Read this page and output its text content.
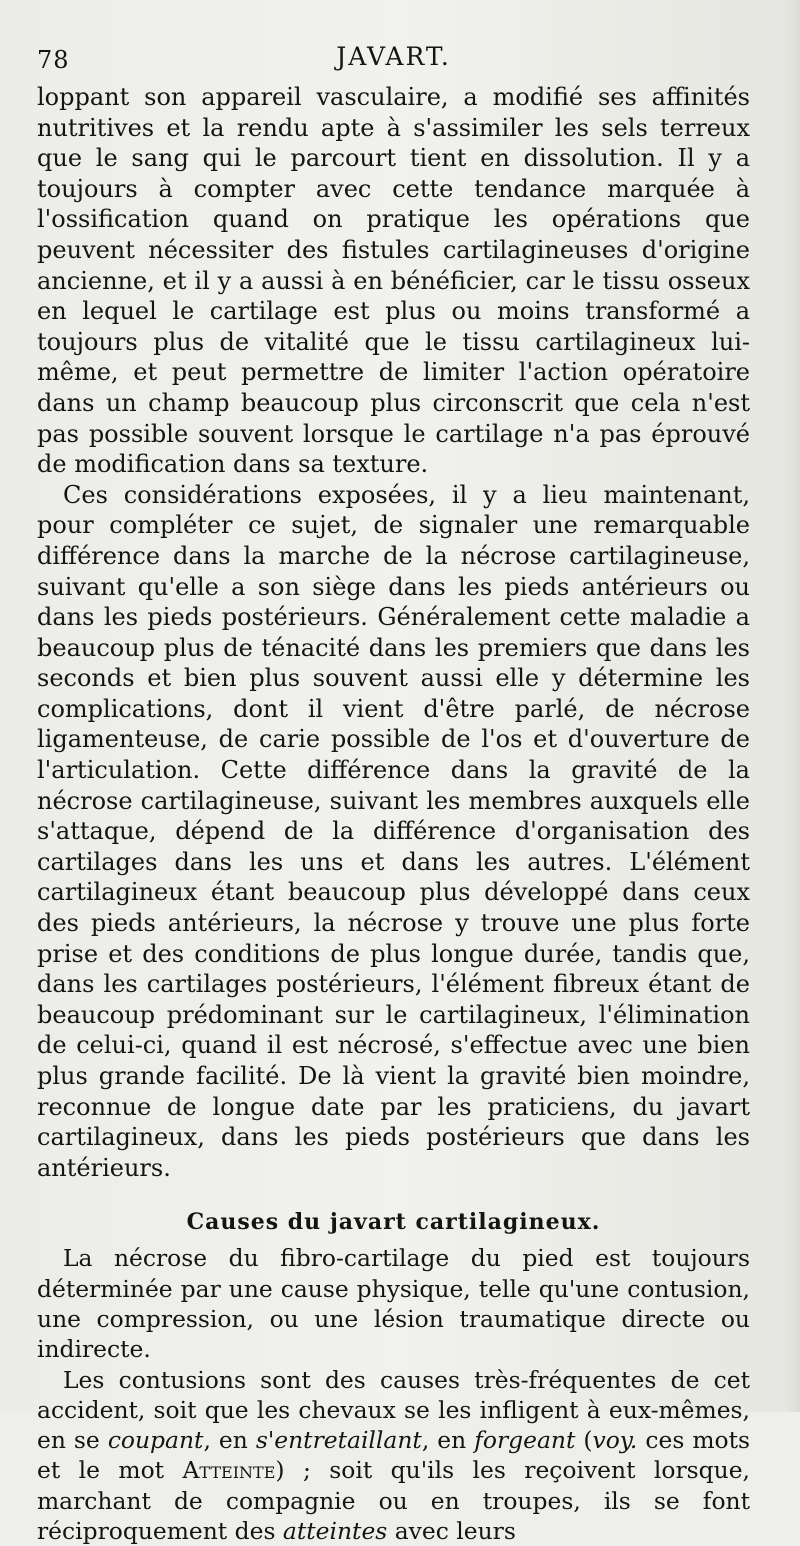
78	JAVART.

loppant son appareil vasculaire, a modifié ses affinités nutritives et la rendu apte à s'assimiler les sels terreux que le sang qui le parcourt tient en dissolution. Il y a toujours à compter avec cette tendance marquée à l'ossification quand on pratique les opérations que peuvent nécessiter des fistules cartilagineuses d'origine ancienne, et il y a aussi à en bénéficier, car le tissu osseux en lequel le cartilage est plus ou moins transformé a toujours plus de vitalité que le tissu cartilagineux lui-même, et peut permettre de limiter l'action opératoire dans un champ beaucoup plus circonscrit que cela n'est pas possible souvent lorsque le cartilage n'a pas éprouvé de modification dans sa texture.

Ces considérations exposées, il y a lieu maintenant, pour compléter ce sujet, de signaler une remarquable différence dans la marche de la nécrose cartilagineuse, suivant qu'elle a son siège dans les pieds antérieurs ou dans les pieds postérieurs. Généralement cette maladie a beaucoup plus de ténacité dans les premiers que dans les seconds et bien plus souvent aussi elle y détermine les complications, dont il vient d'être parlé, de nécrose ligamenteuse, de carie possible de l'os et d'ouverture de l'articulation. Cette différence dans la gravité de la nécrose cartilagineuse, suivant les membres auxquels elle s'attaque, dépend de la différence d'organisation des cartilages dans les uns et dans les autres. L'élément cartilagineux étant beaucoup plus développé dans ceux des pieds antérieurs, la nécrose y trouve une plus forte prise et des conditions de plus longue durée, tandis que, dans les cartilages postérieurs, l'élément fibreux étant de beaucoup prédominant sur le cartilagineux, l'élimination de celui-ci, quand il est nécrosé, s'effectue avec une bien plus grande facilité. De là vient la gravité bien moindre, reconnue de longue date par les praticiens, du javart cartilagineux, dans les pieds postérieurs que dans les antérieurs.

Causes du javart cartilagineux.

La nécrose du fibro-cartilage du pied est toujours déterminée par une cause physique, telle qu'une contusion, une compression, ou une lésion traumatique directe ou indirecte.

Les contusions sont des causes très-fréquentes de cet accident, soit que les chevaux se les infligent à eux-mêmes, en se coupant, en s'entretaillant, en forgeant (voy. ces mots et le mot Atteinte) ; soit qu'ils les reçoivent lorsque, marchant de compagnie ou en troupes, ils se font réciproquement des atteintes avec leurs
